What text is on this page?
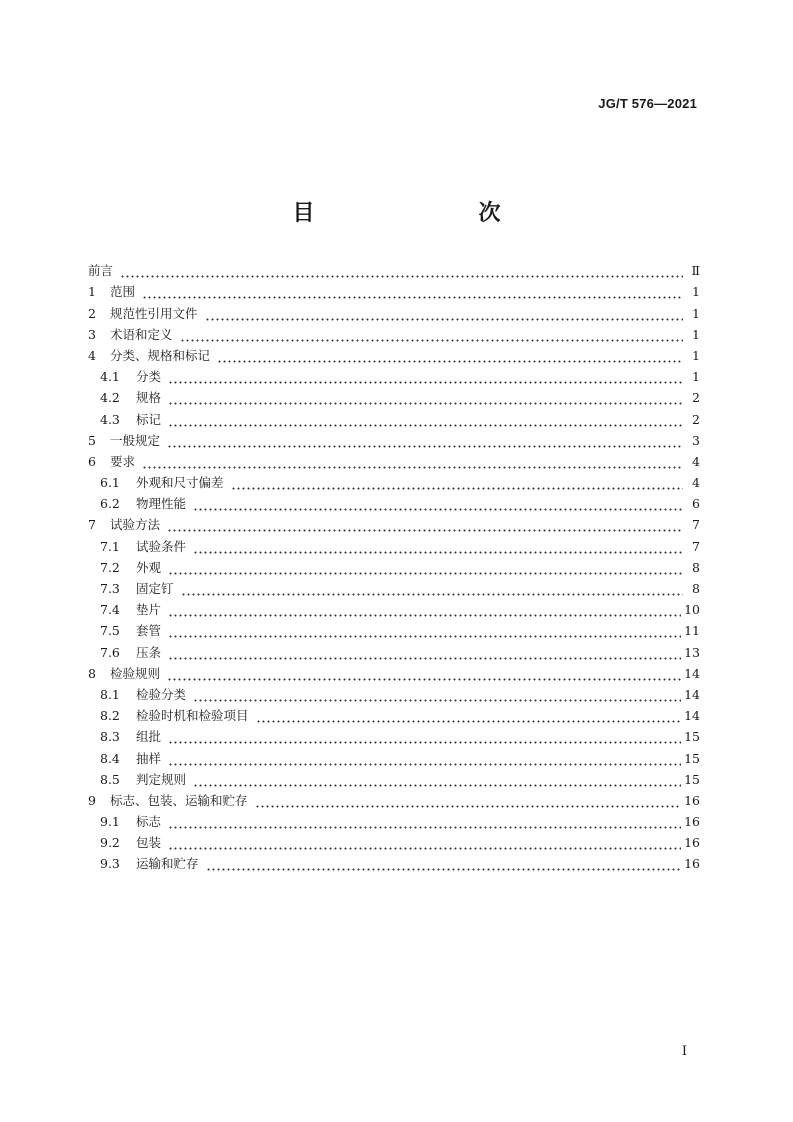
JG/T 576—2021
目　　次
前言	Ⅱ
1	范围	1
2	规范性引用文件	1
3	术语和定义	1
4	分类、规格和标记	1
4.1	分类	1
4.2	规格	2
4.3	标记	2
5	一般规定	3
6	要求	4
6.1	外观和尺寸偏差	4
6.2	物理性能	6
7	试验方法	7
7.1	试验条件	7
7.2	外观	8
7.3	固定钉	8
7.4	垫片	10
7.5	套管	11
7.6	压条	13
8	检验规则	14
8.1	检验分类	14
8.2	检验时机和检验项目	14
8.3	组批	15
8.4	抽样	15
8.5	判定规则	15
9	标志、包装、运输和贮存	16
9.1	标志	16
9.2	包装	16
9.3	运输和贮存	16
I
